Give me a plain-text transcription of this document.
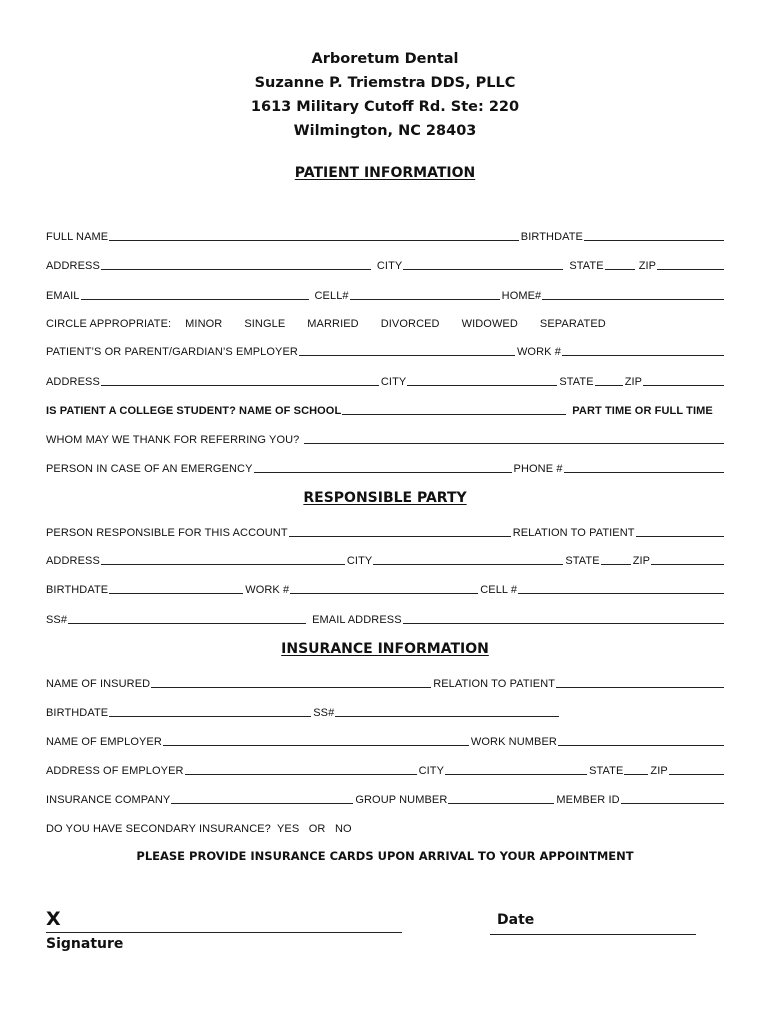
Arboretum Dental
Suzanne P. Triemstra DDS, PLLC
1613 Military Cutoff Rd. Ste: 220
Wilmington, NC 28403
PATIENT INFORMATION
FULL NAME	BIRTHDATE
ADDRESS	CITY	STATE	ZIP
EMAIL	CELL#	HOME#
CIRCLE APPROPRIATE: MINOR SINGLE MARRIED DIVORCED WIDOWED SEPARATED
PATIENT’S OR PARENT/GARDIAN’S EMPLOYER	WORK #
ADDRESS	CITY	STATE	ZIP
IS PATIENT A COLLEGE STUDENT? NAME OF SCHOOL	PART TIME OR FULL TIME
WHOM MAY WE THANK FOR REFERRING YOU?
PERSON IN CASE OF AN EMERGENCY	PHONE #
RESPONSIBLE PARTY
PERSON RESPONSIBLE FOR THIS ACCOUNT	RELATION TO PATIENT
ADDRESS	CITY	STATE	ZIP
BIRTHDATE	WORK #	CELL #
SS#	EMAIL ADDRESS
INSURANCE INFORMATION
NAME OF INSURED	RELATION TO PATIENT
BIRTHDATE	SS#
NAME OF EMPLOYER	WORK NUMBER
ADDRESS OF EMPLOYER	CITY	STATE ZIP
INSURANCE COMPANY	GROUP NUMBER	MEMBER ID
DO YOU HAVE SECONDARY INSURANCE?  YES   OR   NO
PLEASE PROVIDE INSURANCE CARDS UPON ARRIVAL TO YOUR APPOINTMENT
X
Signature
Date
